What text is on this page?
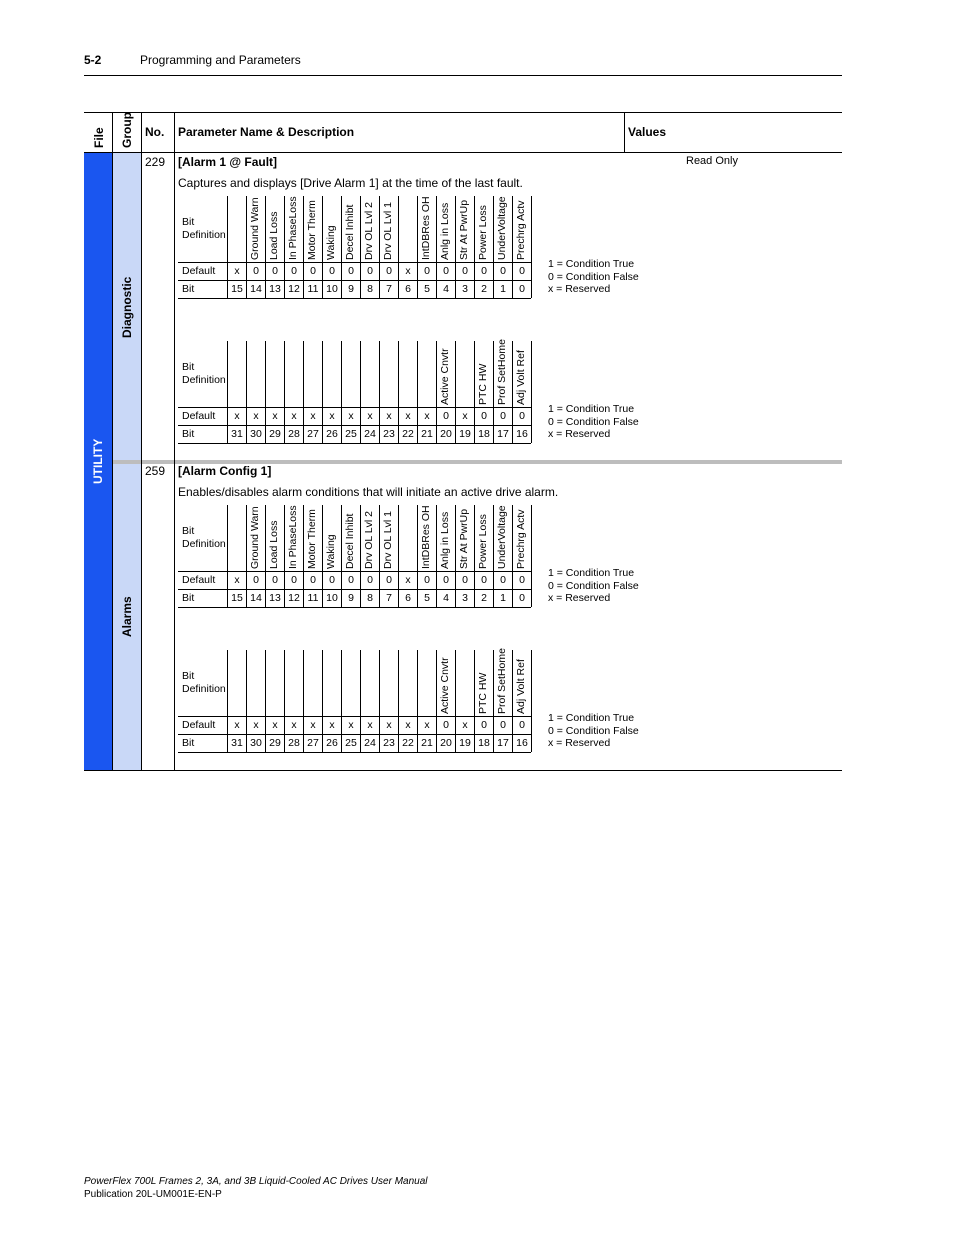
5-2	Programming and Parameters
File Group No. Parameter Name & Description	Values
UTILITY
Diagnostic
Alarms
229 [Alarm 1 @ Fault]
Captures and displays [Drive Alarm 1] at the time of the last fault.
Read Only
259 [Alarm Config 1]
Enables/disables alarm conditions that will initiate an active drive alarm.
Bit
Definition
Default
Bit
x
15
Ground Warn
0
14
Load Loss
0
13
In PhaseLoss
0
12
Motor Therm
0
11
Waking
0
10
Decel Inhibt
0
9
Drv OL Lvl 2
0
8
Drv OL Lvl 1
0
7
x
6
IntDBRes OH
0
5
Anlg in Loss
0
4
Str At PwrUp
0
3
Power Loss
0
2
UnderVoltage
0
1
Prechrg Actv
0
0
Bit
Definition
Default
Bit
x
31
x
30
x
29
x
28
x
27
x
26
x
25
x
24
x
23
x
22
x
21
Active Cnvtr
0
20
x
19
PTC HW
0
18
Prof SetHome
0
17
Adj Volt Ref
0
16
Bit
Definition
Default
Bit
x
15
Ground Warn
0
14
Load Loss
0
13
In PhaseLoss
0
12
Motor Therm
0
11
Waking
0
10
Decel Inhibt
0
9
Drv OL Lvl 2
0
8
Drv OL Lvl 1
0
7
x
6
IntDBRes OH
0
5
Anlg in Loss
0
4
Str At PwrUp
0
3
Power Loss
0
2
UnderVoltage
0
1
Prechrg Actv
0
0
Bit
Definition
Default
Bit
x
31
x
30
x
29
x
28
x
27
x
26
x
25
x
24
x
23
x
22
x
21
Active Cnvtr
0
20
x
19
PTC HW
0
18
Prof SetHome
0
17
Adj Volt Ref
0
16
PowerFlex 700L Frames 2, 3A, and 3B Liquid-Cooled AC Drives User Manual
Publication 20L-UM001E-EN-P
1 = Condition True
0 = Condition False
x = Reserved
1 = Condition True
0 = Condition False
x = Reserved
1 = Condition True
0 = Condition False
x = Reserved
1 = Condition True
0 = Condition False
x = Reserved
